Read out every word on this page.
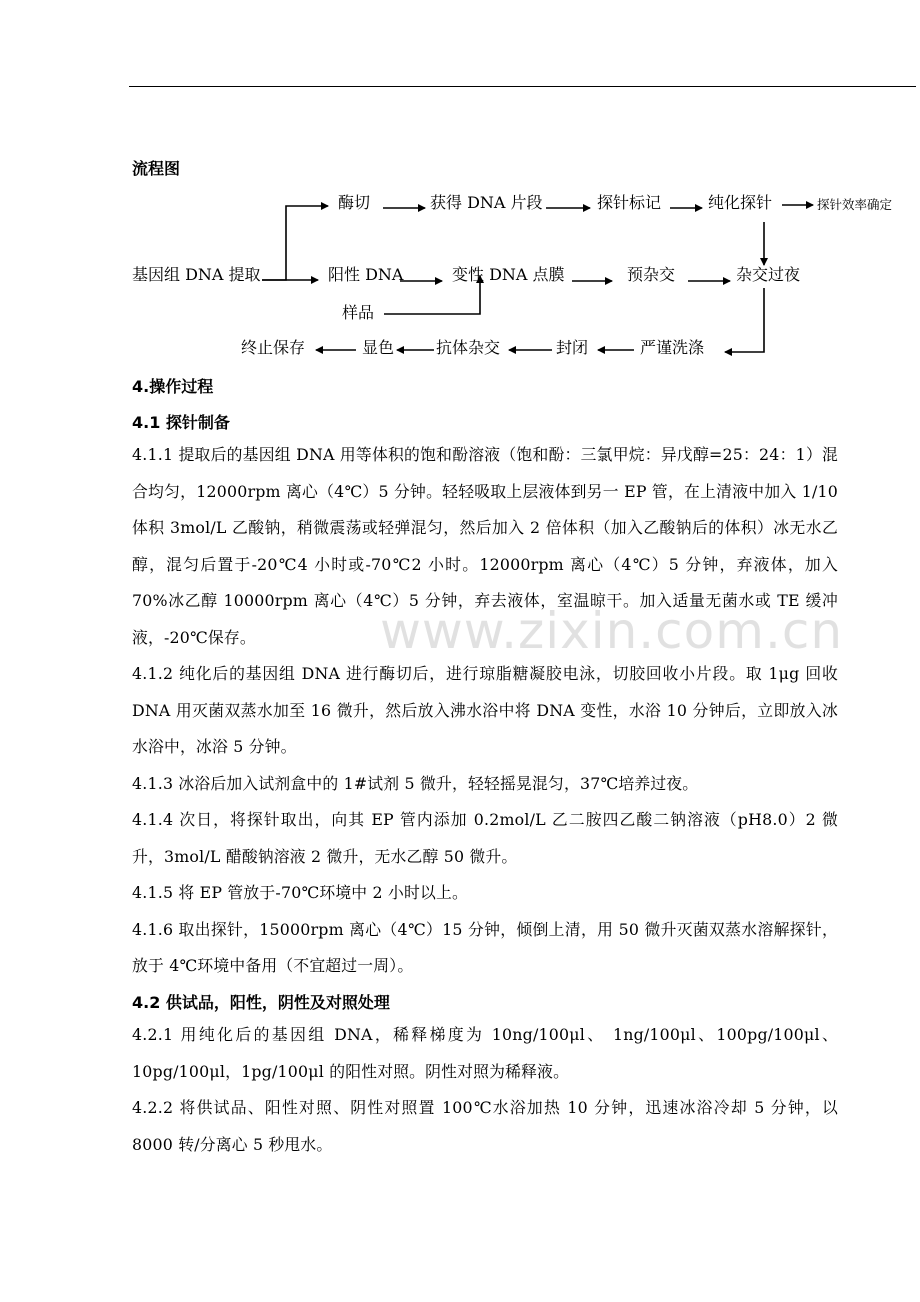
流程图
基因组 DNA 提取
酶切	获得 DNA 片段	探针标记	纯化探针	探针效率确定
阳性 DNA
样品
变性 DNA 点膜	预杂交	杂交过夜
严谨洗涤
封闭
抗体杂交
显色
终止保存
4.操作过程
4.1 探针制备

4.1.1 提取后的基因组 DNA 用等体积的饱和酚溶液（饱和酚：三氯甲烷：异戊醇=25：24：1）混合均匀，12000rpm 离心（4℃）5 分钟。轻轻吸取上层液体到另一 EP 管，在上清液中加入 1/10 体积 3mol/L 乙酸钠，稍微震荡或轻弹混匀，然后加入 2 倍体积（加入乙酸钠后的体积）冰无水乙醇，混匀后置于-20℃4 小时或-70℃2 小时。12000rpm 离心（4℃）5 分钟，弃液体，加入 70%冰乙醇 10000rpm 离心（4℃）5 分钟，弃去液体，室温晾干。加入适量无菌水或 TE 缓冲液，-20℃保存。

4.1.2 纯化后的基因组 DNA 进行酶切后，进行琼脂糖凝胶电泳，切胶回收小片段。取 1μg 回收 DNA 用灭菌双蒸水加至 16 微升，然后放入沸水浴中将 DNA 变性，水浴 10 分钟后，立即放入冰水浴中，冰浴 5 分钟。

4.1.3 冰浴后加入试剂盒中的 1#试剂 5 微升，轻轻摇晃混匀，37℃培养过夜。

4.1.4 次日，将探针取出，向其 EP 管内添加 0.2mol/L 乙二胺四乙酸二钠溶液（pH8.0）2 微升，3mol/L 醋酸钠溶液 2 微升，无水乙醇 50 微升。

4.1.5 将 EP 管放于-70℃环境中 2 小时以上。

4.1.6 取出探针，15000rpm 离心（4℃）15 分钟，倾倒上清，用 50 微升灭菌双蒸水溶解探针，放于 4℃环境中备用（不宜超过一周）。

4.2 供试品，阳性，阴性及对照处理

4.2.1 用纯化后的基因组 DNA，稀释梯度为 10ng/100μl、 1ng/100μl、100pg/100μl、10pg/100μl，1pg/100μl 的阳性对照。阴性对照为稀释液。

4.2.2 将供试品、阳性对照、阴性对照置 100℃水浴加热 10 分钟，迅速冰浴冷却 5 分钟，以 8000 转/分离心 5 秒甩水。

www.zixin.com.cn
